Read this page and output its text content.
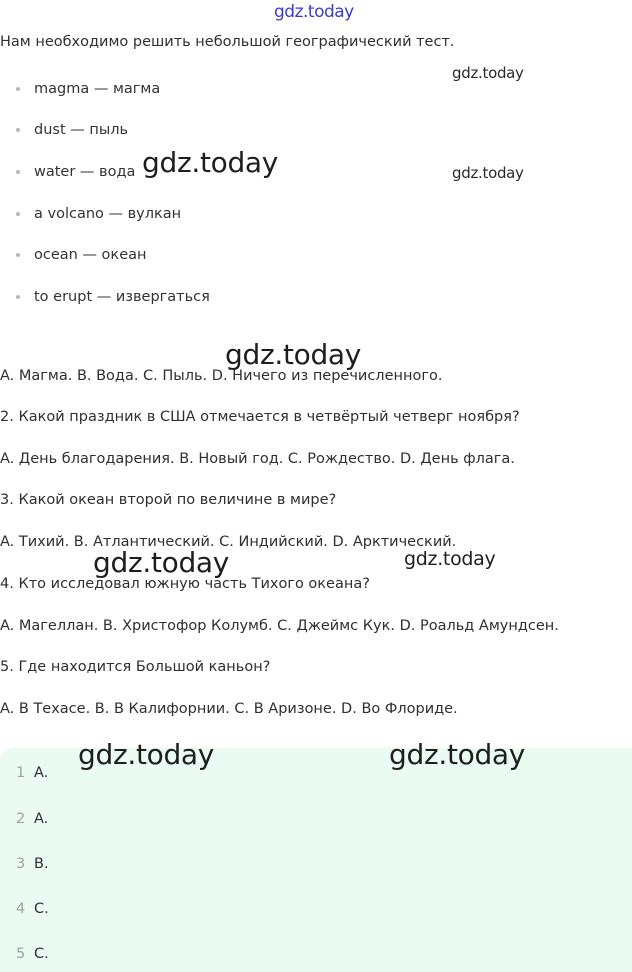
gdz.today
Нам необходимо решить небольшой географический тест.
magma — магма
dust — пыль
water — вода
a volcano — вулкан
ocean — океан
to erupt — извергаться
A. Магма. B. Вода. C. Пыль. D. Ничего из перечисленного.
2. Какой праздник в США отмечается в четвёртый четверг ноября?
A. День благодарения. B. Новый год. C. Рождество. D. День флага.
3. Какой океан второй по величине в мире?
A. Тихий. B. Атлантический. C. Индийский. D. Арктический.
4. Кто исследовал южную часть Тихого океана?
A. Магеллан. B. Христофор Колумб. C. Джеймс Кук. D. Роальд Амундсен.
5. Где находится Большой каньон?
A. В Техасе. B. В Калифорнии. C. В Аризоне. D. Во Флориде.
1 A.
2 A.
3 B.
4 C.
5 C.
gdz.today
gdz.today	gdz.today
gdz.today
gdz.today	gdz.today
gdz.today	gdz.today
